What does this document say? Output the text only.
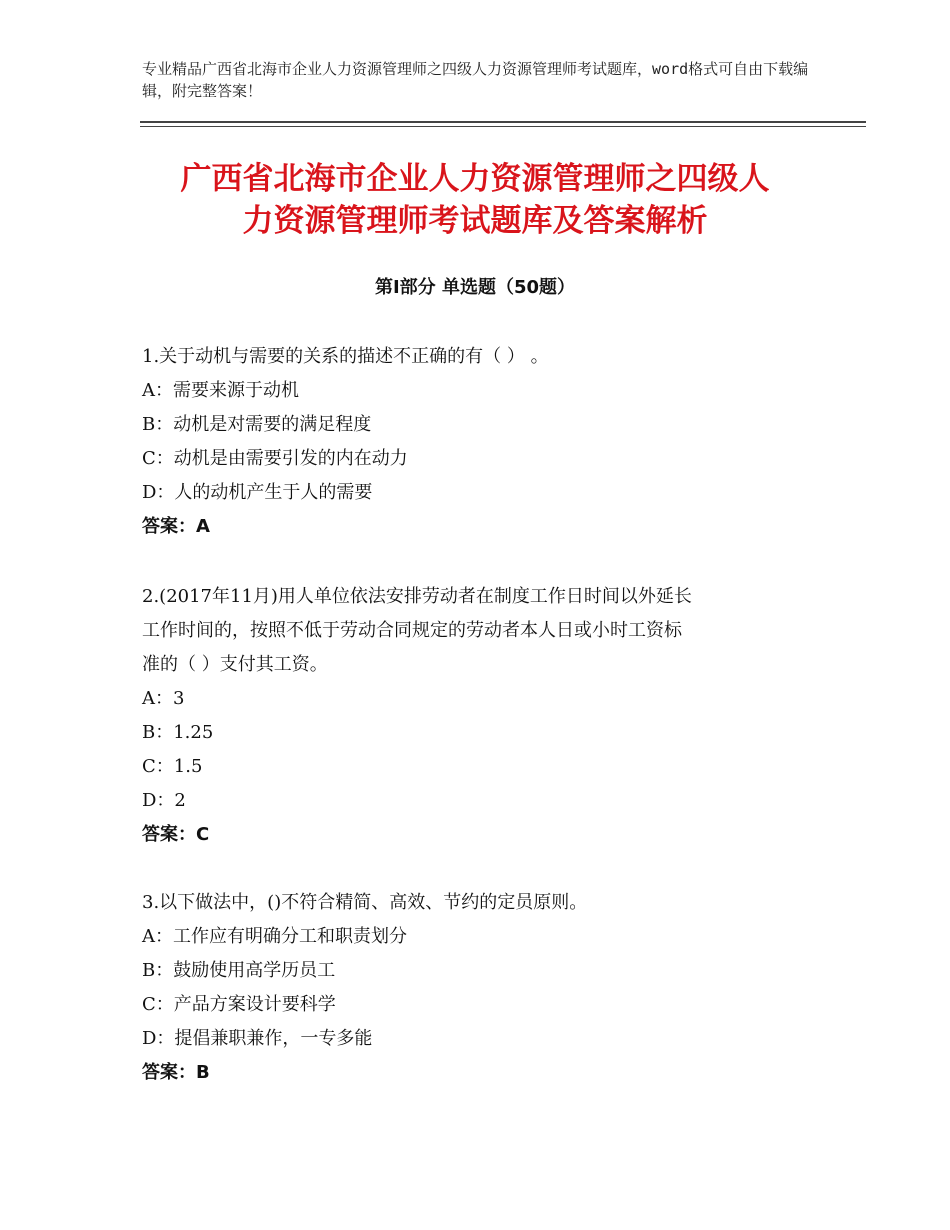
专业精品广西省北海市企业人力资源管理师之四级人力资源管理师考试题库，word格式可自由下载编辑，附完整答案！
广西省北海市企业人力资源管理师之四级人
力资源管理师考试题库及答案解析
第Ⅰ部分 单选题（50题）
1.关于动机与需要的关系的描述不正确的有（ ） 。
A：需要来源于动机
B：动机是对需要的满足程度
C：动机是由需要引发的内在动力
D：人的动机产生于人的需要
答案：A
2.(2017年11月)用人单位依法安排劳动者在制度工作日时间以外延长
工作时间的，按照不低于劳动合同规定的劳动者本人日或小时工资标
准的（ ）支付其工资。
A：3
B：1.25
C：1.5
D：2
答案：C
3.以下做法中，()不符合精简、高效、节约的定员原则。
A：工作应有明确分工和职责划分
B：鼓励使用高学历员工
C：产品方案设计要科学
D：提倡兼职兼作，一专多能
答案：B
